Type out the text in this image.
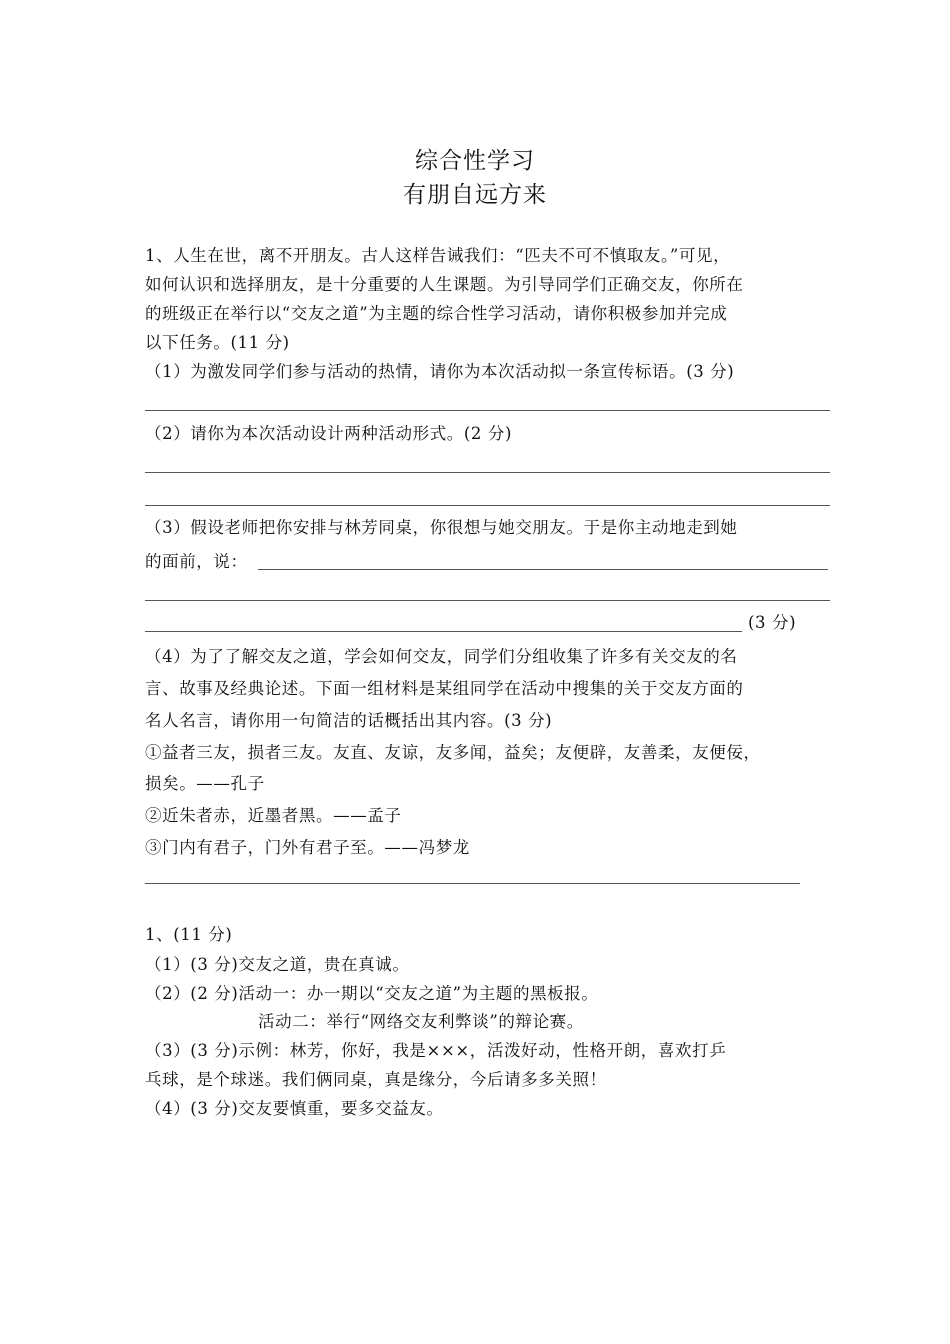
综合性学习
有朋自远方来
1、人生在世，离不开朋友。古人这样告诫我们：“匹夫不可不慎取友。”可见，
如何认识和选择朋友，是十分重要的人生课题。为引导同学们正确交友，你所在
的班级正在举行以“交友之道”为主题的综合性学习活动，请你积极参加并完成
以下任务。(11 分)
（1）为激发同学们参与活动的热情，请你为本次活动拟一条宣传标语。(3 分)
（2）请你为本次活动设计两种活动形式。(2 分)
（3）假设老师把你安排与林芳同桌，你很想与她交朋友。于是你主动地走到她
的面前，说：
(3 分)
（4）为了了解交友之道，学会如何交友，同学们分组收集了许多有关交友的名
言、故事及经典论述。下面一组材料是某组同学在活动中搜集的关于交友方面的
名人名言，请你用一句简洁的话概括出其内容。(3 分)
①益者三友，损者三友。友直、友谅，友多闻，益矣；友便辟，友善柔，友便佞，
损矣。——孔子
②近朱者赤，近墨者黑。——孟子
③门内有君子，门外有君子至。——冯梦龙
1、(11 分)
（1）(3 分)交友之道，贵在真诚。
（2）(2 分)活动一：办一期以“交友之道”为主题的黑板报。
活动二：举行“网络交友利弊谈”的辩论赛。
（3）(3 分)示例：林芳，你好，我是×××，活泼好动，性格开朗，喜欢打乒
乓球，是个球迷。我们俩同桌，真是缘分，今后请多多关照！
（4）(3 分)交友要慎重，要多交益友。
